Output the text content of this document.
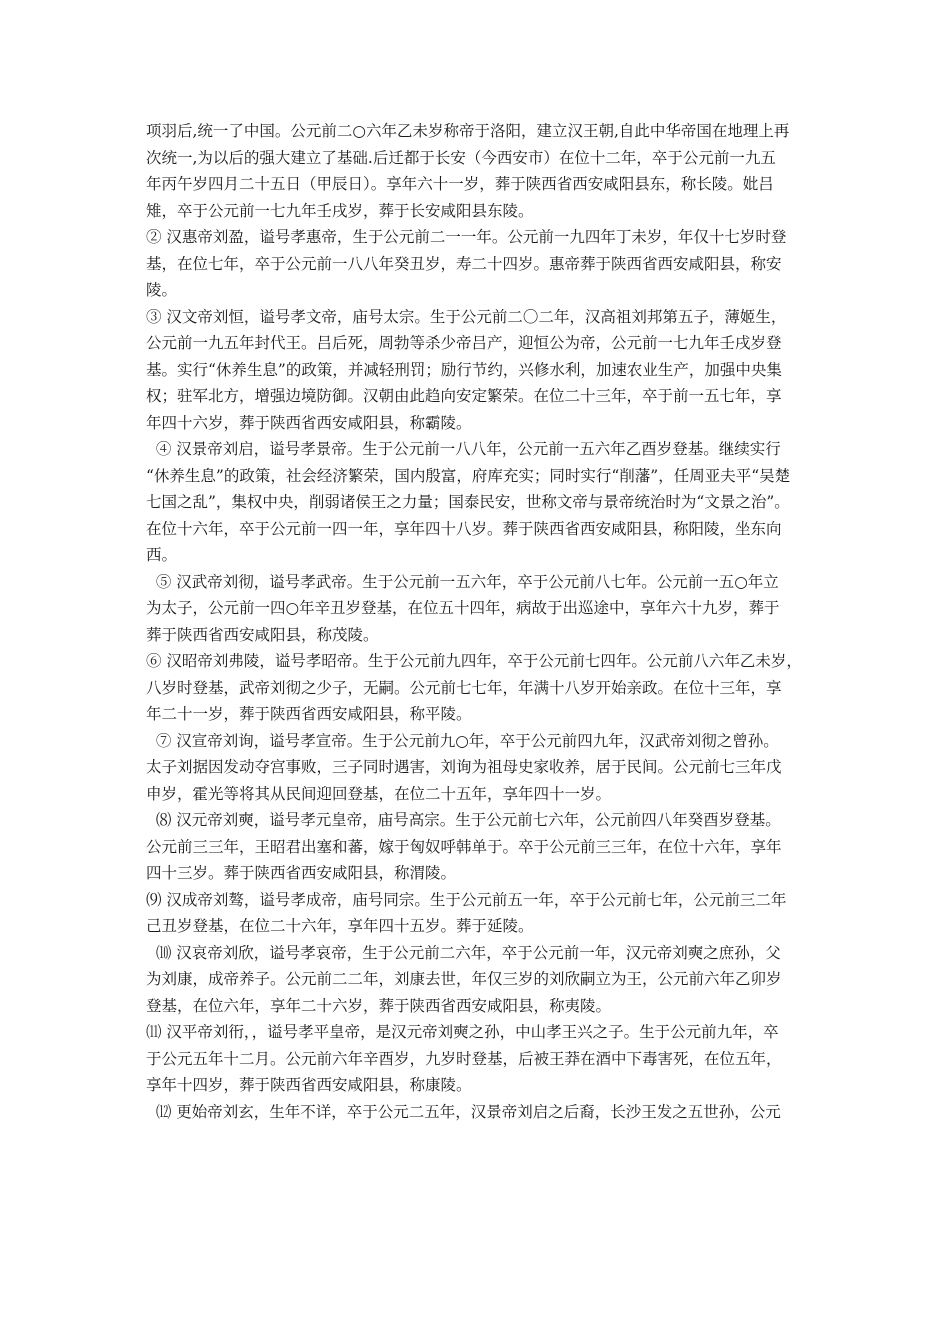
项羽后,统一了中国。公元前二○六年乙未岁称帝于洛阳，建立汉王朝,自此中华帝国在地理上再
次统一,为以后的强大建立了基础.后迁都于长安（今西安市）在位十二年，卒于公元前一九五
年丙午岁四月二十五日（甲辰日）。享年六十一岁，葬于陕西省西安咸阳县东，称长陵。妣吕
雉，卒于公元前一七九年壬戌岁，葬于长安咸阳县东陵。
② 汉惠帝刘盈，谥号孝惠帝，生于公元前二一一年。公元前一九四年丁未岁，年仅十七岁时登
基，在位七年，卒于公元前一八八年癸丑岁，寿二十四岁。惠帝葬于陕西省西安咸阳县，称安
陵。
③ 汉文帝刘恒，谥号孝文帝，庙号太宗。生于公元前二〇二年，汉高祖刘邦第五子，薄姬生，
公元前一九五年封代王。吕后死，周勃等杀少帝吕产，迎恒公为帝，公元前一七九年壬戌岁登
基。实行“休养生息”的政策，并减轻刑罚；励行节约，兴修水利，加速农业生产，加强中央集
权；驻军北方，增强边境防御。汉朝由此趋向安定繁荣。在位二十三年，卒于前一五七年，享
年四十六岁，葬于陕西省西安咸阳县，称霸陵。
④ 汉景帝刘启，谥号孝景帝。生于公元前一八八年，公元前一五六年乙酉岁登基。继续实行
“休养生息”的政策，社会经济繁荣，国内殷富，府库充实；同时实行“削藩”，任周亚夫平“吴楚
七国之乱”，集权中央，削弱诸侯王之力量；国泰民安，世称文帝与景帝统治时为“文景之治”。
在位十六年，卒于公元前一四一年，享年四十八岁。葬于陕西省西安咸阳县，称阳陵，坐东向
西。
⑤ 汉武帝刘彻，谥号孝武帝。生于公元前一五六年，卒于公元前八七年。公元前一五○年立
为太子，公元前一四○年辛丑岁登基，在位五十四年，病故于出巡途中，享年六十九岁，葬于
葬于陕西省西安咸阳县，称茂陵。
⑥ 汉昭帝刘弗陵，谥号孝昭帝。生于公元前九四年，卒于公元前七四年。公元前八六年乙未岁，
八岁时登基，武帝刘彻之少子，无嗣。公元前七七年，年满十八岁开始亲政。在位十三年，享
年二十一岁，葬于陕西省西安咸阳县，称平陵。
⑦ 汉宣帝刘询，谥号孝宣帝。生于公元前九○年，卒于公元前四九年，汉武帝刘彻之曾孙。
太子刘据因发动夺宫事败，三子同时遇害，刘询为祖母史家收养，居于民间。公元前七三年戊
申岁，霍光等将其从民间迎回登基，在位二十五年，享年四十一岁。
⑻ 汉元帝刘奭，谥号孝元皇帝，庙号高宗。生于公元前七六年，公元前四八年癸酉岁登基。
公元前三三年，王昭君出塞和蕃，嫁于匈奴呼韩单于。卒于公元前三三年，在位十六年，享年
四十三岁。葬于陕西省西安咸阳县，称渭陵。
⑼ 汉成帝刘骜，谥号孝成帝，庙号同宗。生于公元前五一年，卒于公元前七年，公元前三二年
己丑岁登基，在位二十六年，享年四十五岁。葬于延陵。
⑽ 汉哀帝刘欣，谥号孝哀帝，生于公元前二六年，卒于公元前一年，汉元帝刘奭之庶孙，父
为刘康，成帝养子。公元前二二年，刘康去世，年仅三岁的刘欣嗣立为王，公元前六年乙卯岁
登基，在位六年，享年二十六岁，葬于陕西省西安咸阳县，称夷陵。
⑾ 汉平帝刘衎，，谥号孝平皇帝，是汉元帝刘奭之孙，中山孝王兴之子。生于公元前九年，卒
于公元五年十二月。公元前六年辛酉岁，九岁时登基，后被王莽在酒中下毒害死，在位五年，
享年十四岁，葬于陕西省西安咸阳县，称康陵。
⑿ 更始帝刘玄，生年不详，卒于公元二五年，汉景帝刘启之后裔，长沙王发之五世孙，公元
